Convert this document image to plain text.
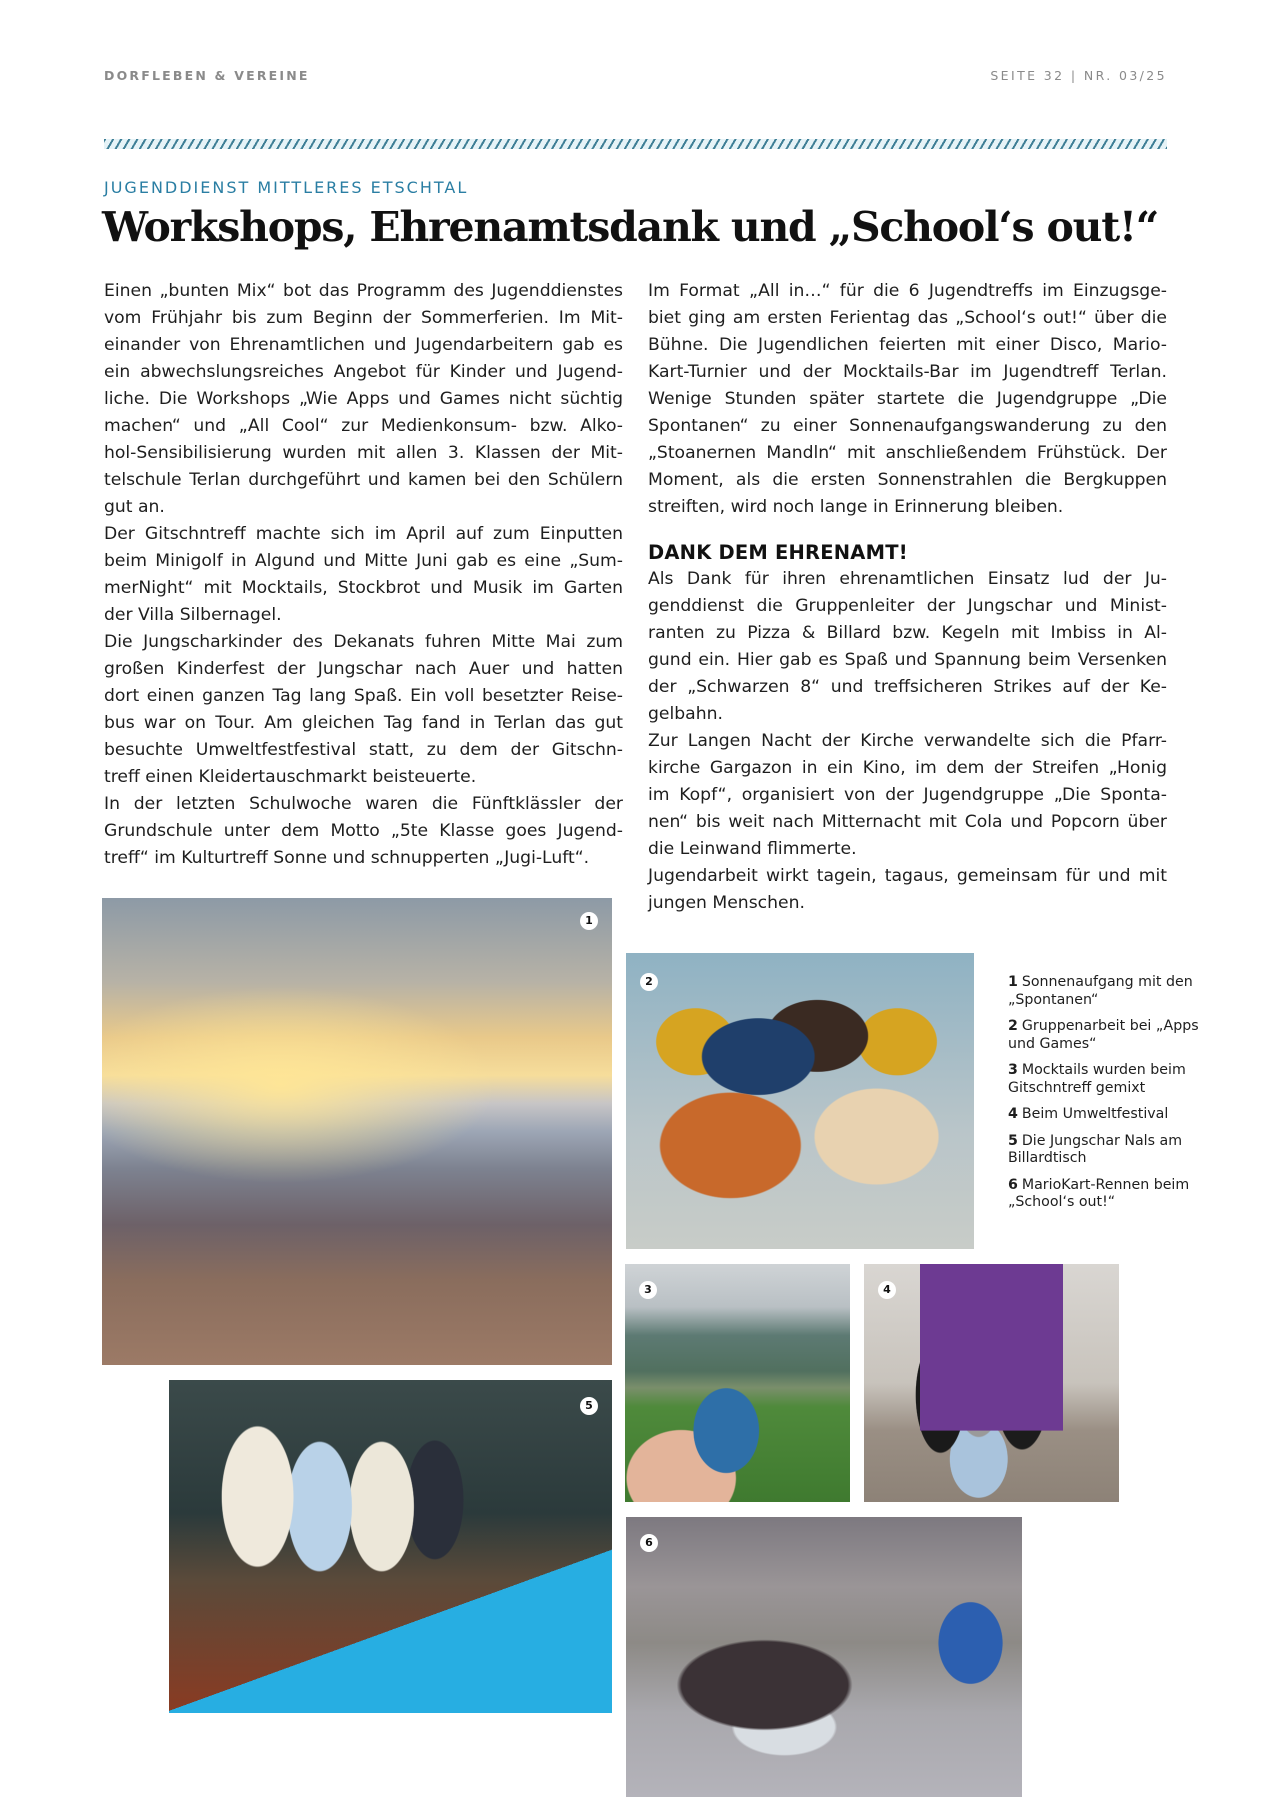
DORFLEBEN & VEREINE	SEITE 32 | NR. 03/25
JUGENDDIENST MITTLERES ETSCHTAL
Workshops, Ehrenamtsdank und „School‘s out!“
Einen „bunten Mix“ bot das Programm des Jugenddienstes
vom Frühjahr bis zum Beginn der Sommerferien. Im Mit-
einander von Ehrenamtlichen und Jugendarbeitern gab es
ein abwechslungsreiches Angebot für Kinder und Jugend-
liche. Die Workshops „Wie Apps und Games nicht süchtig
machen“ und „All Cool“ zur Medienkonsum- bzw. Alko-
hol-Sensibilisierung wurden mit allen 3. Klassen der Mit-
telschule Terlan durchgeführt und kamen bei den Schülern
gut an.
Der Gitschntreff machte sich im April auf zum Einputten
beim Minigolf in Algund und Mitte Juni gab es eine „Sum-
merNight“ mit Mocktails, Stockbrot und Musik im Garten
der Villa Silbernagel.
Die Jungscharkinder des Dekanats fuhren Mitte Mai zum
großen Kinderfest der Jungschar nach Auer und hatten
dort einen ganzen Tag lang Spaß. Ein voll besetzter Reise-
bus war on Tour. Am gleichen Tag fand in Terlan das gut
besuchte Umweltfestfestival statt, zu dem der Gitschn-
treff einen Kleidertauschmarkt beisteuerte.
In der letzten Schulwoche waren die Fünftklässler der
Grundschule unter dem Motto „5te Klasse goes Jugend-
treff“ im Kulturtreff Sonne und schnupperten „Jugi-Luft“.
Im Format „All in…“ für die 6 Jugendtreffs im Einzugsge-
biet ging am ersten Ferientag das „School‘s out!“ über die
Bühne. Die Jugendlichen feierten mit einer Disco, Mario-
Kart-Turnier und der Mocktails-Bar im Jugendtreff Terlan.
Wenige Stunden später startete die Jugendgruppe „Die
Spontanen“ zu einer Sonnenaufgangswanderung zu den
„Stoanernen Mandln“ mit anschließendem Frühstück. Der
Moment, als die ersten Sonnenstrahlen die Bergkuppen
streiften, wird noch lange in Erinnerung bleiben.
DANK DEM EHRENAMT!
Als Dank für ihren ehrenamtlichen Einsatz lud der Ju-
genddienst die Gruppenleiter der Jungschar und Minist-
ranten zu Pizza & Billard bzw. Kegeln mit Imbiss in Al-
gund ein. Hier gab es Spaß und Spannung beim Versenken
der „Schwarzen 8“ und treffsicheren Strikes auf der Ke-
gelbahn.
Zur Langen Nacht der Kirche verwandelte sich die Pfarr-
kirche Gargazon in ein Kino, im dem der Streifen „Honig
im Kopf“, organisiert von der Jugendgruppe „Die Sponta-
nen“ bis weit nach Mitternacht mit Cola und Popcorn über
die Leinwand flimmerte.
Jugendarbeit wirkt tagein, tagaus, gemeinsam für und mit
jungen Menschen.
1
2
3	4
5
6
1 Sonnenaufgang mit den „Spontanen“
2 Gruppenarbeit bei „Apps und Games“
3 Mocktails wurden beim Gitschntreff gemixt
4 Beim Umweltfestival
5 Die Jungschar Nals am Billardtisch
6 MarioKart-Rennen beim „School‘s out!“
